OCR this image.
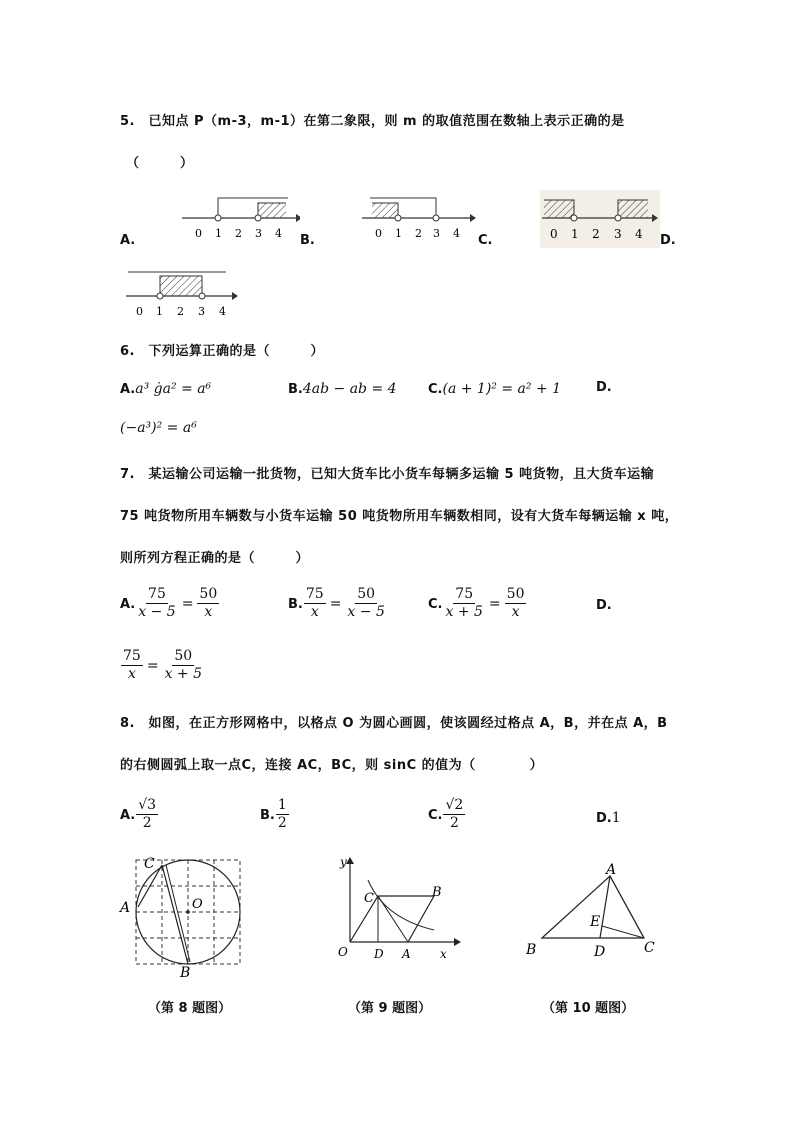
5.　已知点 P（m-3，m-1）在第二象限，则 m 的取值范围在数轴上表示正确的是
（　　　）
A.	B.	C.	D.
0 1 2 3 4	0 1 2 3 4	0 1 2 3 4
0 1 2 3 4
6.　下列运算正确的是（　　　）
A.a³ ġa² = a⁶	B.4ab − ab = 4 C.(a + 1)² = a² + 1	D.
(−a³)² = a⁶
7.　某运输公司运输一批货物，已知大货车比小货车每辆多运输 5 吨货物，且大货车运输
75 吨货物所用车辆数与小货车运输 50 吨货物所用车辆数相同，设有大货车每辆运输 x 吨，
则所列方程正确的是（　　　）
A. $\frac{75}{x - 5} = \frac{50}{x}$	B. $\frac{75}{x} = \frac{50}{x - 5}$	C. $\frac{75}{x + 5} = \frac{50}{x}$	D.
$\frac{75}{x} = \frac{50}{x + 5}$
8.　如图，在正方形网格中，以格点 O 为圆心画圆，使该圆经过格点 A，B，并在点 A，B
的右侧圆弧上取一点C，连接 AC，BC，则 sinC 的值为（　　　　）
A. $\frac{√3}{2}$	B. $\frac{1}{2}$	C. $\frac{√2}{2}$	D.1
C
A	O
B
y
x
O
C	B
D A
A
B	C
D
E
（第 8 题图）	（第 9 题图）	（第 10 题图）
